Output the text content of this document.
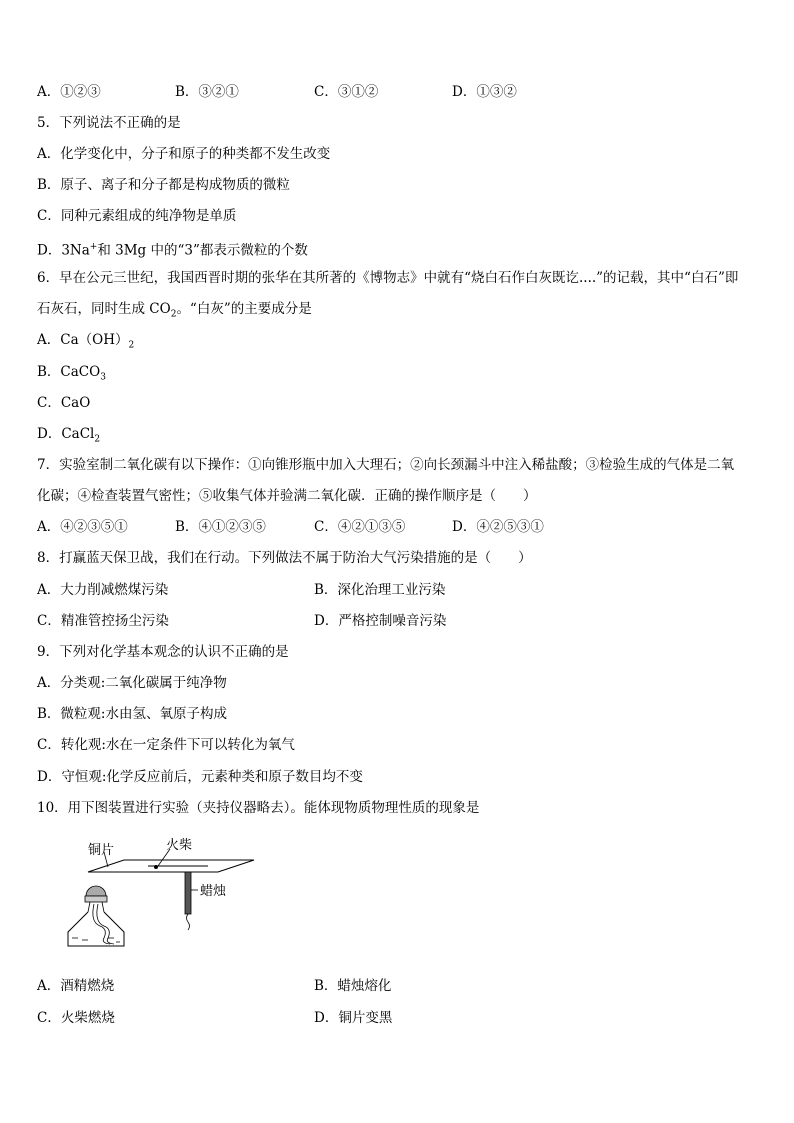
A．①②③	B．③②①	C．③①②	D．①③②
5．下列说法不正确的是
A．化学变化中，分子和原子的种类都不发生改变
B．原子、离子和分子都是构成物质的微粒
C．同种元素组成的纯净物是单质
D．3Na+和 3Mg 中的“3”都表示微粒的个数
6．早在公元三世纪，我国西晋时期的张华在其所著的《博物志》中就有“烧白石作白灰既讫....”的记载，其中“白石”即
石灰石，同时生成 $CO_2$。“白灰”的主要成分是
A．$Ca(OH)_2$
B．CaCO$_3$
C．CaO
D．CaCl$_2$
7．实验室制二氧化碳有以下操作：①向锥形瓶中加入大理石；②向长颈漏斗中注入稀盐酸；③检验生成的气体是二氧
化碳；④检查装置气密性；⑤收集气体并验满二氧化碳．正确的操作顺序是（　　）
A．④②③⑤①	B．④①②③⑤	C．④②①③⑤	D．④②⑤③①
8．打赢蓝天保卫战，我们在行动。下列做法不属于防治大气污染措施的是（　　）
A．大力削减燃煤污染	B．深化治理工业污染
C．精准管控扬尘污染	D．严格控制噪音污染
9．下列对化学基本观念的认识不正确的是
A．分类观:二氧化碳属于纯净物
B．微粒观:水由氢、氧原子构成
C．转化观:水在一定条件下可以转化为氧气
D．守恒观:化学反应前后，元素种类和原子数目均不变
10．用下图装置进行实验（夹持仪器略去）。能体现物质物理性质的现象是
铜片	火柴
蜡烛
A．酒精燃烧	B．蜡烛熔化
C．火柴燃烧	D．铜片变黑
